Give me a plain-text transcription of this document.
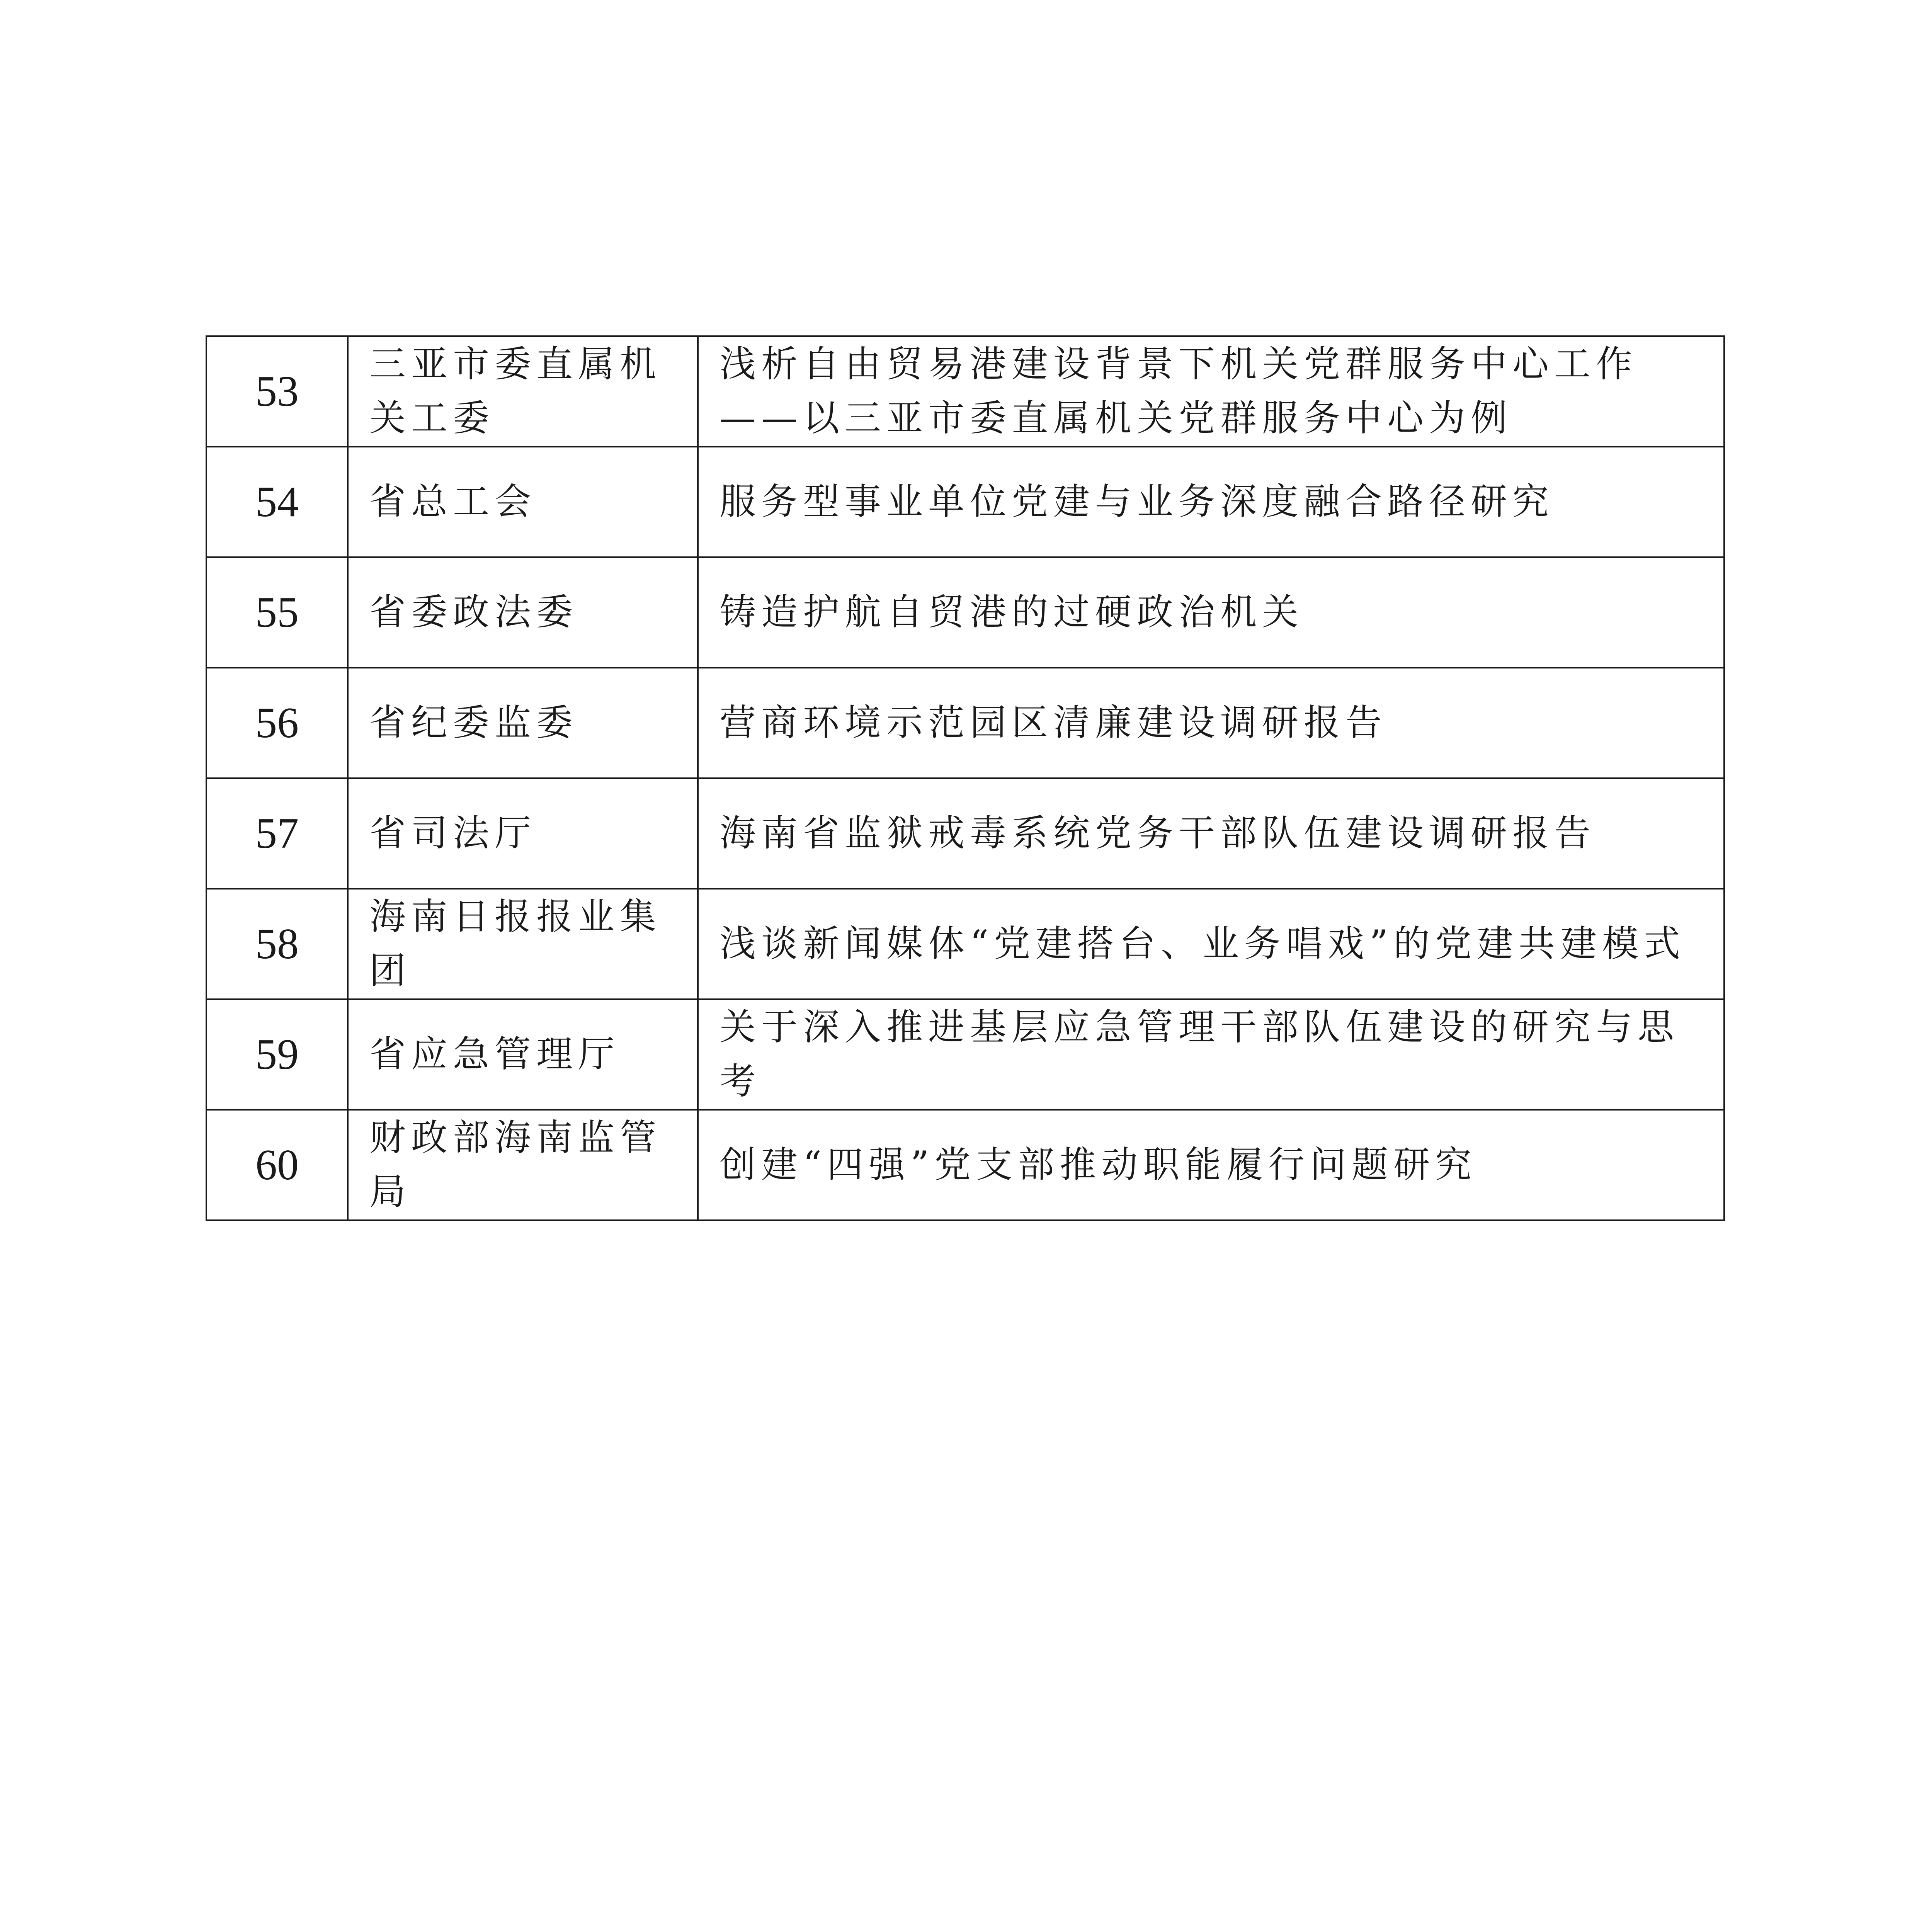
53	三亚市委直属机关工委	浅析自由贸易港建设背景下机关党群服务中心工作——以三亚市委直属机关党群服务中心为例
54	省总工会	服务型事业单位党建与业务深度融合路径研究
55	省委政法委	铸造护航自贸港的过硬政治机关
56	省纪委监委	营商环境示范园区清廉建设调研报告
57	省司法厅	海南省监狱戒毒系统党务干部队伍建设调研报告
58	海南日报报业集团	浅谈新闻媒体“党建搭台、业务唱戏”的党建共建模式
59	省应急管理厅	关于深入推进基层应急管理干部队伍建设的研究与思考
60	财政部海南监管局	创建“四强”党支部推动职能履行问题研究
